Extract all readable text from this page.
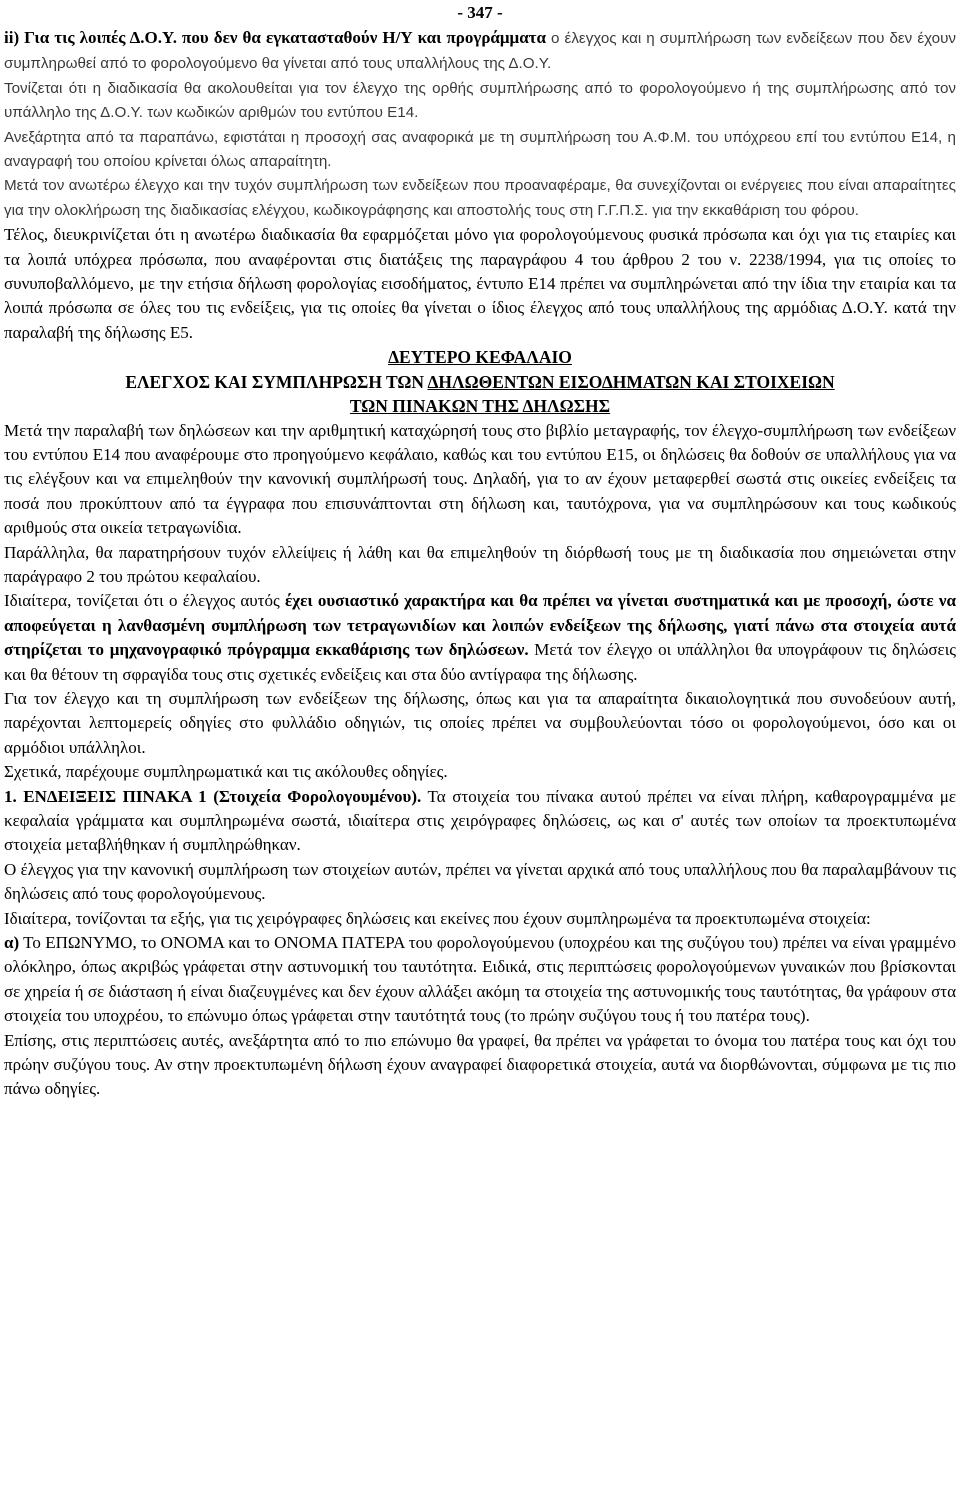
- 347 -

ii) Για τις λοιπές Δ.Ο.Υ. που δεν θα εγκατασταθούν Η/Υ και προγράμματα ο έλεγχος και η συμπλήρωση των ενδείξεων που δεν έχουν συμπληρωθεί από το φορολογούμενο θα γίνεται από τους υπαλλήλους της Δ.Ο.Υ.

Τονίζεται ότι η διαδικασία θα ακολουθείται για τον έλεγχο της ορθής συμπλήρωσης από το φορολογούμενο ή της συμπλήρωσης από τον υπάλληλο της Δ.Ο.Υ. των κωδικών αριθμών του εντύπου Ε14.

Ανεξάρτητα από τα παραπάνω, εφιστάται η προσοχή σας αναφορικά με τη συμπλήρωση του Α.Φ.Μ. του υπόχρεου επί του εντύπου Ε14, η αναγραφή του οποίου κρίνεται όλως απαραίτητη.

Μετά τον ανωτέρω έλεγχο και την τυχόν συμπλήρωση των ενδείξεων που προαναφέραμε, θα συνεχίζονται οι ενέργειες που είναι απαραίτητες για την ολοκλήρωση της διαδικασίας ελέγχου, κωδικογράφησης και αποστολής τους στη Γ.Γ.Π.Σ. για την εκκαθάριση του φόρου.

Τέλος, διευκρινίζεται ότι η ανωτέρω διαδικασία θα εφαρμόζεται μόνο για φορολογούμενους φυσικά πρόσωπα και όχι για τις εταιρίες και τα λοιπά υπόχρεα πρόσωπα, που αναφέρονται στις διατάξεις της παραγράφου 4 του άρθρου 2 του ν. 2238/1994, για τις οποίες το συνυποβαλλόμενο, με την ετήσια δήλωση φορολογίας εισοδήματος, έντυπο Ε14 πρέπει να συμπληρώνεται από την ίδια την εταιρία και τα λοιπά πρόσωπα σε όλες του τις ενδείξεις, για τις οποίες θα γίνεται ο ίδιος έλεγχος από τους υπαλλήλους της αρμόδιας Δ.Ο.Υ. κατά την παραλαβή της δήλωσης Ε5.

ΔΕΥΤΕΡΟ ΚΕΦΑΛΑΙΟ

ΕΛΕΓΧΟΣ ΚΑΙ ΣΥΜΠΛΗΡΩΣΗ ΤΩΝ ΔΗΛΩΘΕΝΤΩΝ ΕΙΣΟΔΗΜΑΤΩΝ ΚΑΙ ΣΤΟΙΧΕΙΩΝ

ΤΩΝ ΠΙΝΑΚΩΝ ΤΗΣ ΔΗΛΩΣΗΣ

Μετά την παραλαβή των δηλώσεων και την αριθμητική καταχώρησή τους στο βιβλίο μεταγραφής, τον έλεγχο-συμπλήρωση των ενδείξεων του εντύπου Ε14 που αναφέρουμε στο προηγούμενο κεφάλαιο, καθώς και του εντύπου Ε15, οι δηλώσεις θα δοθούν σε υπαλλήλους για να τις ελέγξουν και να επιμεληθούν την κανονική συμπλήρωσή τους. Δηλαδή, για το αν έχουν μεταφερθεί σωστά στις οικείες ενδείξεις τα ποσά που προκύπτουν από τα έγγραφα που επισυνάπτονται στη δήλωση και, ταυτόχρονα, για να συμπληρώσουν και τους κωδικούς αριθμούς στα οικεία τετραγωνίδια.

Παράλληλα, θα παρατηρήσουν τυχόν ελλείψεις ή λάθη και θα επιμεληθούν τη διόρθωσή τους με τη διαδικασία που σημειώνεται στην παράγραφο 2 του πρώτου κεφαλαίου.

Ιδιαίτερα, τονίζεται ότι ο έλεγχος αυτός έχει ουσιαστικό χαρακτήρα και θα πρέπει να γίνεται συστηματικά και με προσοχή, ώστε να αποφεύγεται η λανθασμένη συμπλήρωση των τετραγωνιδίων και λοιπών ενδείξεων της δήλωσης, γιατί πάνω στα στοιχεία αυτά στηρίζεται το μηχανογραφικό πρόγραμμα εκκαθάρισης των δηλώσεων. Μετά τον έλεγχο οι υπάλληλοι θα υπογράφουν τις δηλώσεις και θα θέτουν τη σφραγίδα τους στις σχετικές ενδείξεις και στα δύο αντίγραφα της δήλωσης.

Για τον έλεγχο και τη συμπλήρωση των ενδείξεων της δήλωσης, όπως και για τα απαραίτητα δικαιολογητικά που συνοδεύουν αυτή, παρέχονται λεπτομερείς οδηγίες στο φυλλάδιο οδηγιών, τις οποίες πρέπει να συμβουλεύονται τόσο οι φορολογούμενοι, όσο και οι αρμόδιοι υπάλληλοι.

Σχετικά, παρέχουμε συμπληρωματικά και τις ακόλουθες οδηγίες.

1. ΕΝΔΕΙΞΕΙΣ ΠΙΝΑΚΑ 1 (Στοιχεία Φορολογουμένου). Τα στοιχεία του πίνακα αυτού πρέπει να είναι πλήρη, καθαρογραμμένα με κεφαλαία γράμματα και συμπληρωμένα σωστά, ιδιαίτερα στις χειρόγραφες δηλώσεις, ως και σ' αυτές των οποίων τα προεκτυπωμένα στοιχεία μεταβλήθηκαν ή συμπληρώθηκαν.

Ο έλεγχος για την κανονική συμπλήρωση των στοιχείων αυτών, πρέπει να γίνεται αρχικά από τους υπαλλήλους που θα παραλαμβάνουν τις δηλώσεις από τους φορολογούμενους.

Ιδιαίτερα, τονίζονται τα εξής, για τις χειρόγραφες δηλώσεις και εκείνες που έχουν συμπληρωμένα τα προεκτυπωμένα στοιχεία:

α) Το ΕΠΩΝΥΜΟ, το ΟΝΟΜΑ και το ΟΝΟΜΑ ΠΑΤΕΡΑ του φορολογούμενου (υποχρέου και της συζύγου του) πρέπει να είναι γραμμένο ολόκληρο, όπως ακριβώς γράφεται στην αστυνομική του ταυτότητα. Ειδικά, στις περιπτώσεις φορολογούμενων γυναικών που βρίσκονται σε χηρεία ή σε διάσταση ή είναι διαζευγμένες και δεν έχουν αλλάξει ακόμη τα στοιχεία της αστυνομικής τους ταυτότητας, θα γράφουν στα στοιχεία του υποχρέου, το επώνυμο όπως γράφεται στην ταυτότητά τους (το πρώην συζύγου τους ή του πατέρα τους).

Επίσης, στις περιπτώσεις αυτές, ανεξάρτητα από το πιο επώνυμο θα γραφεί, θα πρέπει να γράφεται το όνομα του πατέρα τους και όχι του πρώην συζύγου τους. Αν στην προεκτυπωμένη δήλωση έχουν αναγραφεί διαφορετικά στοιχεία, αυτά να διορθώνονται, σύμφωνα με τις πιο πάνω οδηγίες.
